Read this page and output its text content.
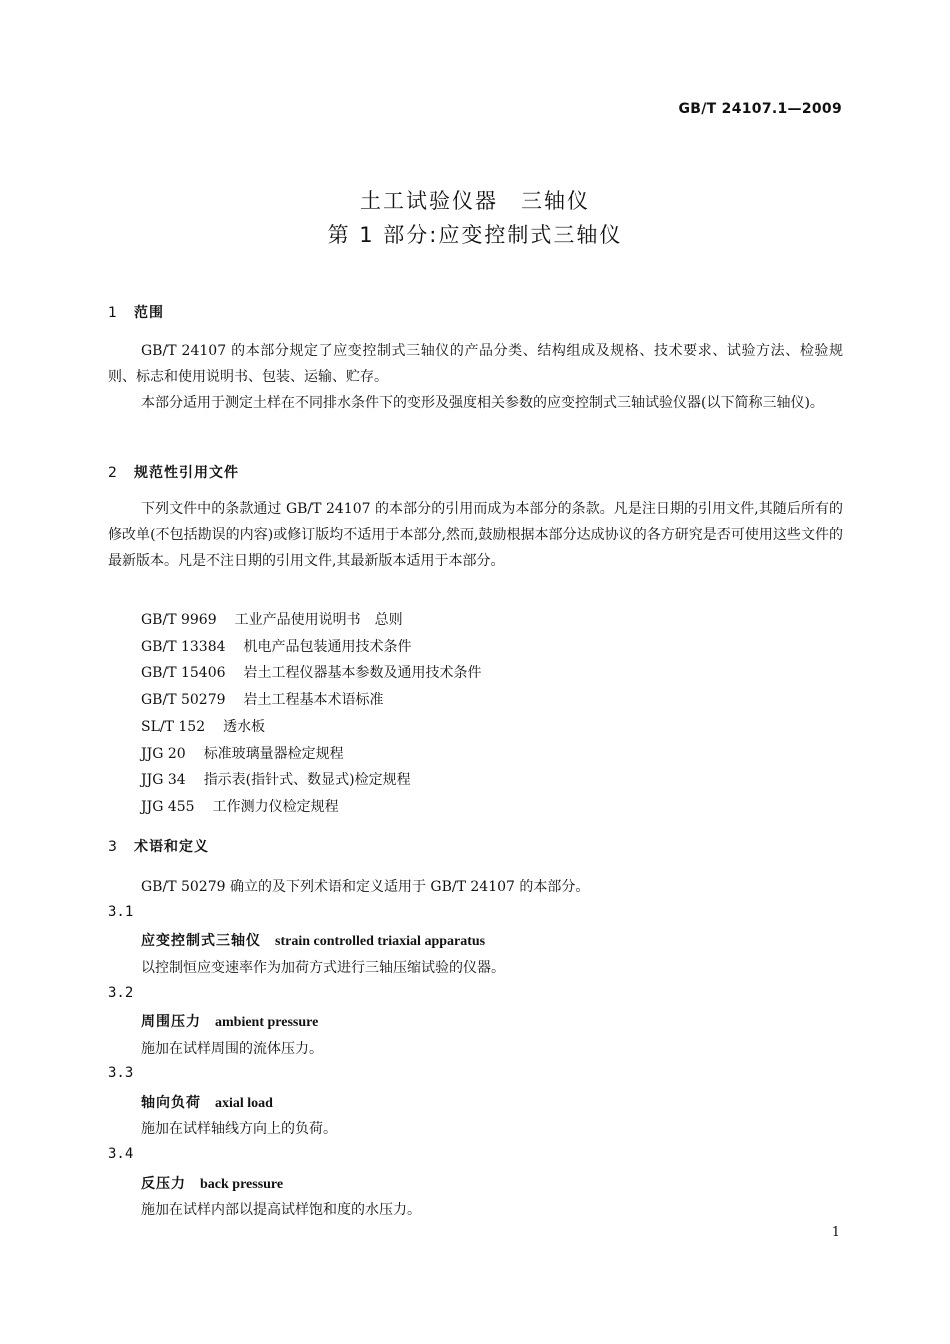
GB/T 24107.1—2009
土工试验仪器　三轴仪
第 1 部分:应变控制式三轴仪
1 范围
GB/T 24107 的本部分规定了应变控制式三轴仪的产品分类、结构组成及规格、技术要求、试验方法、检验规则、标志和使用说明书、包装、运输、贮存。
本部分适用于测定土样在不同排水条件下的变形及强度相关参数的应变控制式三轴试验仪器(以下简称三轴仪)。
2 规范性引用文件
下列文件中的条款通过 GB/T 24107 的本部分的引用而成为本部分的条款。凡是注日期的引用文件,其随后所有的修改单(不包括勘误的内容)或修订版均不适用于本部分,然而,鼓励根据本部分达成协议的各方研究是否可使用这些文件的最新版本。凡是不注日期的引用文件,其最新版本适用于本部分。
GB/T 9969 工业产品使用说明书　总则
GB/T 13384 机电产品包装通用技术条件
GB/T 15406 岩土工程仪器基本参数及通用技术条件
GB/T 50279 岩土工程基本术语标准
SL/T 152 透水板
JJG 20 标准玻璃量器检定规程
JJG 34 指示表(指针式、数显式)检定规程
JJG 455 工作测力仪检定规程
3 术语和定义
GB/T 50279 确立的及下列术语和定义适用于 GB/T 24107 的本部分。
3.1
应变控制式三轴仪 strain controlled triaxial apparatus
以控制恒应变速率作为加荷方式进行三轴压缩试验的仪器。
3.2
周围压力 ambient pressure
施加在试样周围的流体压力。
3.3
轴向负荷 axial load
施加在试样轴线方向上的负荷。
3.4
反压力 back pressure
施加在试样内部以提高试样饱和度的水压力。
1
